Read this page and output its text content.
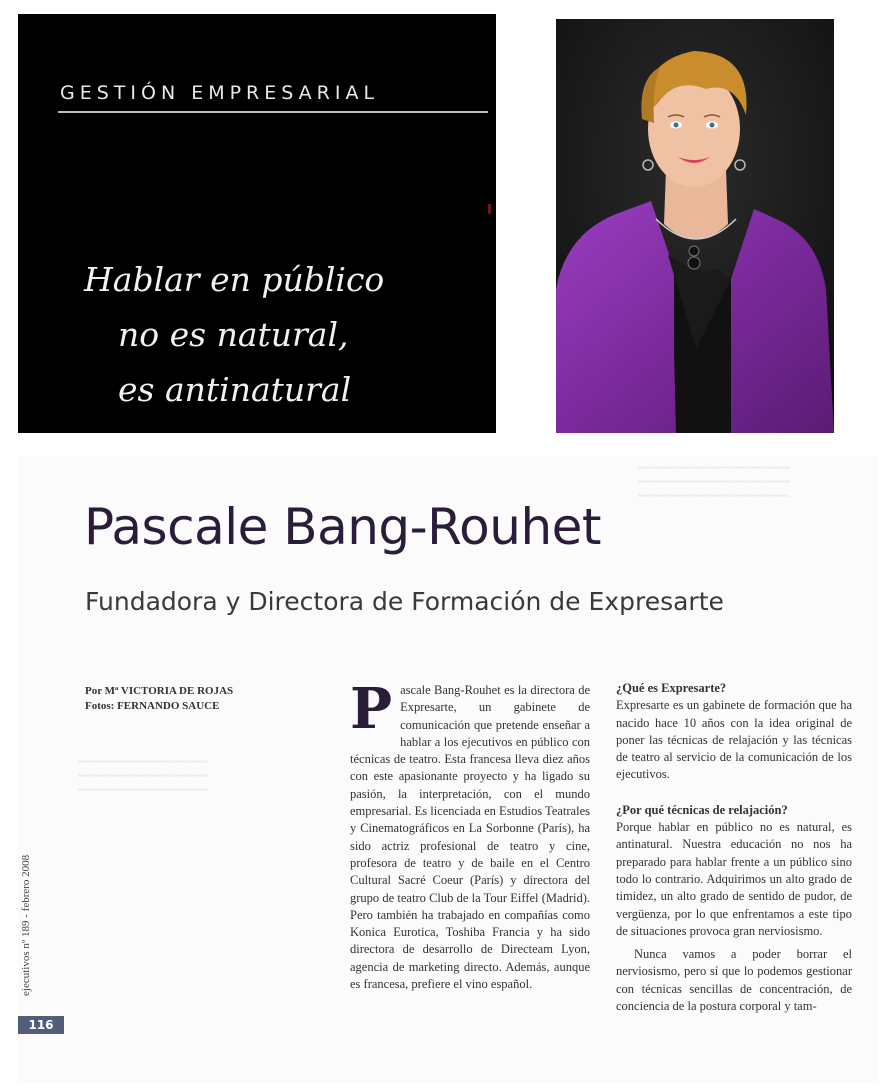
GESTIÓN EMPRESARIAL
Hablar en público
no es natural,
es antinatural
~~~~~~~~~~~~~~~~~~~~~~~~~~~~
~~~~~~~~~~~~~~~~~~~~~~~~~~~~
~~~~~~~~~~~~~~~~~~~~~~~~~~~~
~~~~~~~~~~~~~~~~~~~~~~~~
~~~~~~~~~~~~~~~~~~~~~~~~
~~~~~~~~~~~~~~~~~~~~~~~~
Pascale Bang-Rouhet
Fundadora y Directora de Formación de Expresarte
Por Mª VICTORIA DE ROJAS
Fotos: FERNANDO SAUCE P ascale Bang-Rouhet es la directora de Expresarte, un gabinete de comunicación que pretende enseñar a hablar a los ejecutivos en público con técnicas de teatro. Esta francesa lleva diez años con este apasionante proyecto y ha ligado su pasión, la interpretación, con el mundo empresarial. Es licenciada en Estudios Teatrales y Cinematográficos en La Sorbonne (París), ha sido actriz profesional de teatro y cine, profesora de teatro y de baile en el Centro Cultural Sacré Coeur (París) y directora del grupo de teatro Club de la Tour Eiffel (Madrid). Pero también ha trabajado en compañías como Konica Eurotica, Toshiba Francia y ha sido directora de desarrollo de Directeam Lyon, agencia de marketing directo. Además, aunque es francesa, prefiere el vino español.
¿Qué es Expresarte?
Expresarte es un gabinete de formación que ha nacido hace 10 años con la idea original de poner las técnicas de relajación y las técnicas de teatro al servicio de la comunicación de los ejecutivos.
¿Por qué técnicas de relajación?
Porque hablar en público no es natural, es antinatural. Nuestra educación no nos ha preparado para hablar frente a un público sino todo lo contrario. Adquirimos un alto grado de timidez, un alto grado de sentido de pudor, de vergüenza, por lo que enfrentamos a este tipo de situaciones provoca gran nerviosismo.
Nunca vamos a poder borrar el nerviosismo, pero sí que lo podemos gestionar con técnicas sencillas de concentración, de conciencia de la postura corporal y tam-
ejecutivos nº 189 - febrero 2008
116
